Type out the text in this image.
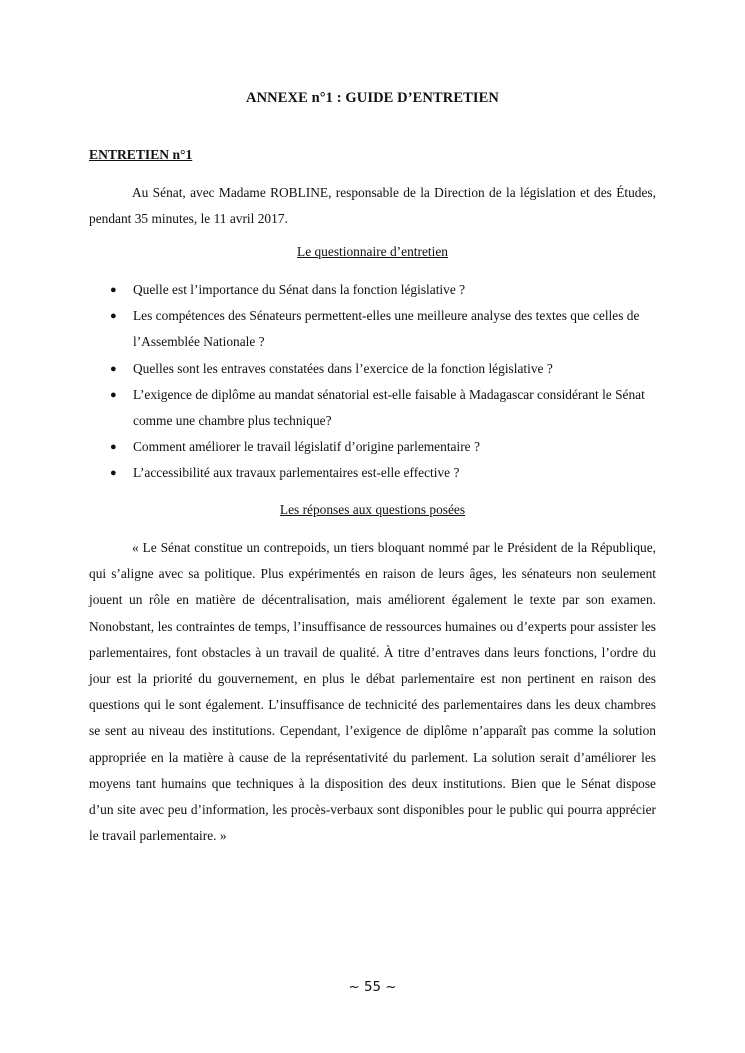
ANNEXE n°1 : GUIDE D’ENTRETIEN
ENTRETIEN n°1

Au Sénat, avec Madame ROBLINE, responsable de la Direction de la législation et des Études, pendant 35 minutes, le 11 avril 2017.

Le questionnaire d’entretien
● Quelle est l’importance du Sénat dans la fonction législative ?
● Les compétences des Sénateurs permettent-elles une meilleure analyse des textes que celles de l’Assemblée Nationale ?
● Quelles sont les entraves constatées dans l’exercice de la fonction législative ?
● L’exigence de diplôme au mandat sénatorial est-elle faisable à Madagascar considérant le Sénat comme une chambre plus technique?
● Comment améliorer le travail législatif d’origine parlementaire ?
● L’accessibilité aux travaux parlementaires est-elle effective ?
Les réponses aux questions posées

« Le Sénat constitue un contrepoids, un tiers bloquant nommé par le Président de la République, qui s’aligne avec sa politique. Plus expérimentés en raison de leurs âges, les sénateurs non seulement jouent un rôle en matière de décentralisation, mais améliorent également le texte par son examen. Nonobstant, les contraintes de temps, l’insuffisance de ressources humaines ou d’experts pour assister les parlementaires, font obstacles à un travail de qualité. À titre d’entraves dans leurs fonctions, l’ordre du jour est la priorité du gouvernement, en plus le débat parlementaire est non pertinent en raison des questions qui le sont également. L’insuffisance de technicité des parlementaires dans les deux chambres se sent au niveau des institutions. Cependant, l’exigence de diplôme n’apparaît pas comme la solution appropriée en la matière à cause de la représentativité du parlement. La solution serait d’améliorer les moyens tant humains que techniques à la disposition des deux institutions. Bien que le Sénat dispose d’un site avec peu d’information, les procès-verbaux sont disponibles pour le public qui pourra apprécier le travail parlementaire. »

~ 55 ~
